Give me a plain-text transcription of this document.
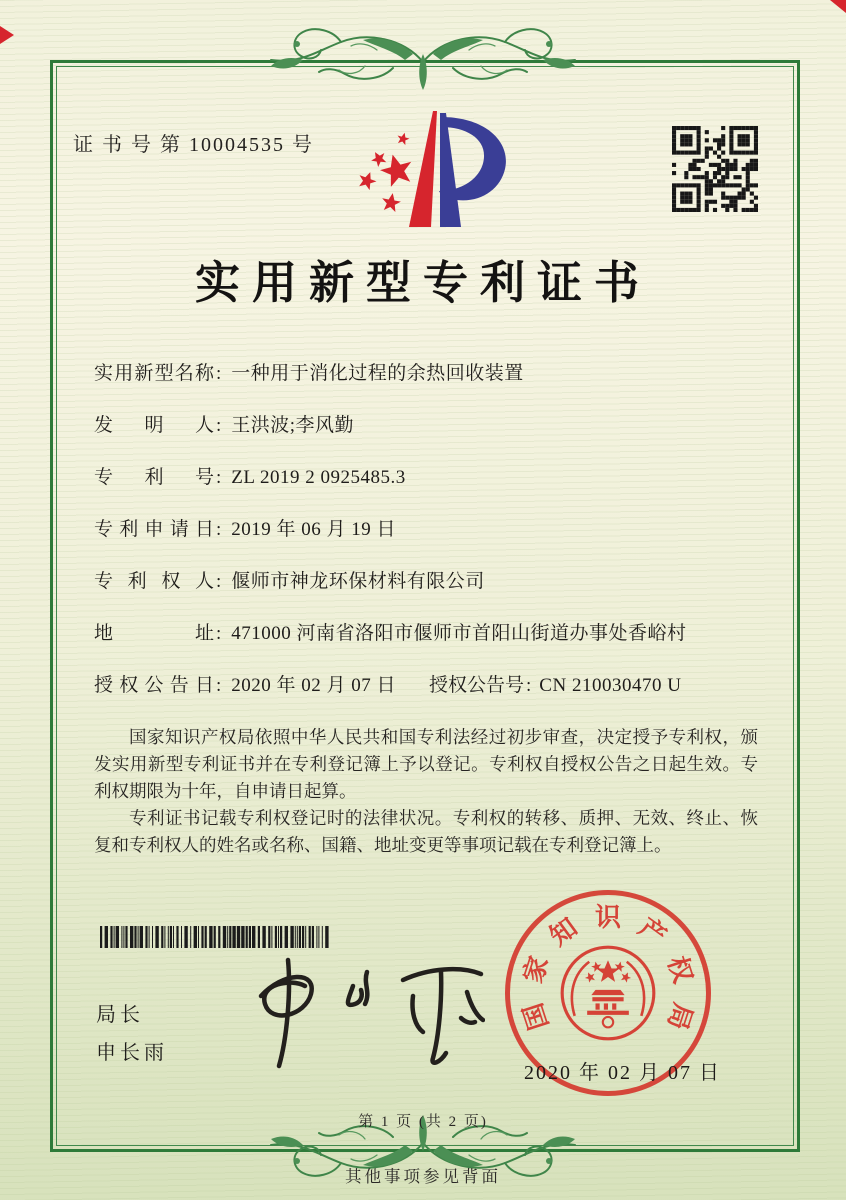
证 书 号 第 10004535 号
实用新型专利证书
实用新型名称 : 一种用于消化过程的余热回收装置
发明人 : 王洪波;李风勤
专利号 : ZL 2019 2 0925485.3
专利申请日 : 2019 年 06 月 19 日
专利权人 : 偃师市神龙环保材料有限公司
地址 : 471000 河南省洛阳市偃师市首阳山街道办事处香峪村
授权公告日 : 2020 年 02 月 07 日 授权公告号 : CN 210030470 U

国家知识产权局依照中华人民共和国专利法经过初步审查，决定授予专利权，颁发实用新型专利证书并在专利登记簿上予以登记。专利权自授权公告之日起生效。专利权期限为十年，自申请日起算。

专利证书记载专利权登记时的法律状况。专利权的转移、质押、无效、终止、恢复和专利权人的姓名或名称、国籍、地址变更等事项记载在专利登记簿上。

局长
申长雨
国
家
知 识 产
权
局
2020 年 02 月 07 日
第 1 页 (共 2 页)
其他事项参见背面
